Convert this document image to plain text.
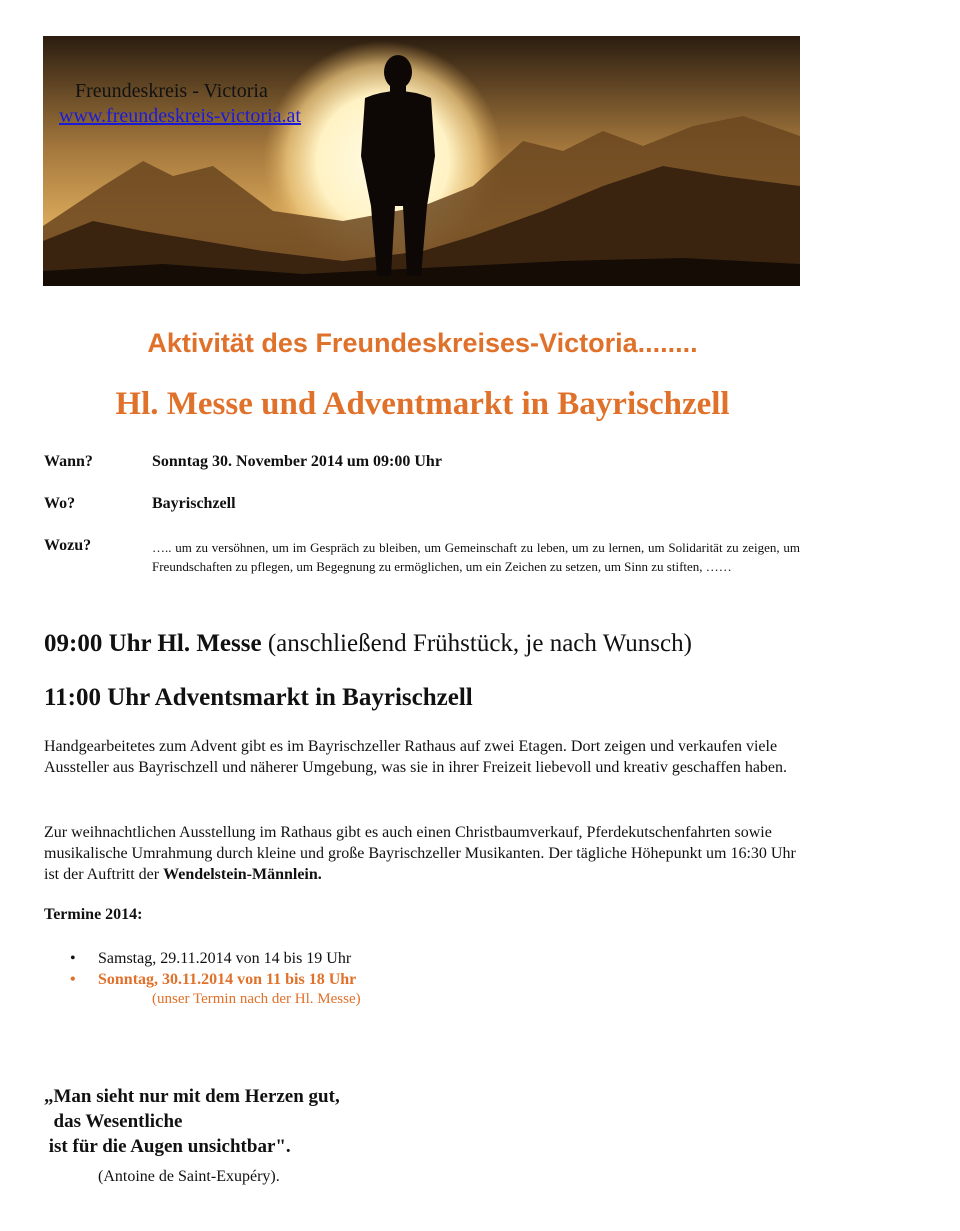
Freundeskreis - Victoria
www.freundeskreis-victoria.at
Aktivität des Freundeskreises-Victoria........
Hl. Messe und Adventmarkt in Bayrischzell
Wann?	Sonntag 30. November 2014 um 09:00 Uhr
Wo?	Bayrischzell
Wozu?	….. um zu versöhnen, um im Gespräch zu bleiben, um Gemeinschaft zu leben, um zu lernen, um Solidarität zu zeigen, um Freundschaften zu pflegen, um Begegnung zu ermöglichen, um ein Zeichen zu setzen, um Sinn zu stiften, ……
09:00 Uhr Hl. Messe (anschließend Frühstück, je nach Wunsch)
11:00 Uhr Adventsmarkt in Bayrischzell
Handgearbeitetes zum Advent gibt es im Bayrischzeller Rathaus auf zwei Etagen. Dort zeigen und verkaufen viele Aussteller aus Bayrischzell und näherer Umgebung, was sie in ihrer Freizeit liebevoll und kreativ geschaffen haben.
Zur weihnachtlichen Ausstellung im Rathaus gibt es auch einen Christbaumverkauf, Pferdekutschenfahrten sowie musikalische Umrahmung durch kleine und große Bayrischzeller Musikanten. Der tägliche Höhepunkt um 16:30 Uhr ist der Auftritt der Wendelstein-Männlein.
Termine 2014:
• Samstag, 29.11.2014 von 14 bis 19 Uhr
• Sonntag, 30.11.2014 von 11 bis 18 Uhr
(unser Termin nach der Hl. Messe)
„Man sieht nur mit dem Herzen gut,
das Wesentliche
ist für die Augen unsichtbar".
(Antoine de Saint-Exupéry).
